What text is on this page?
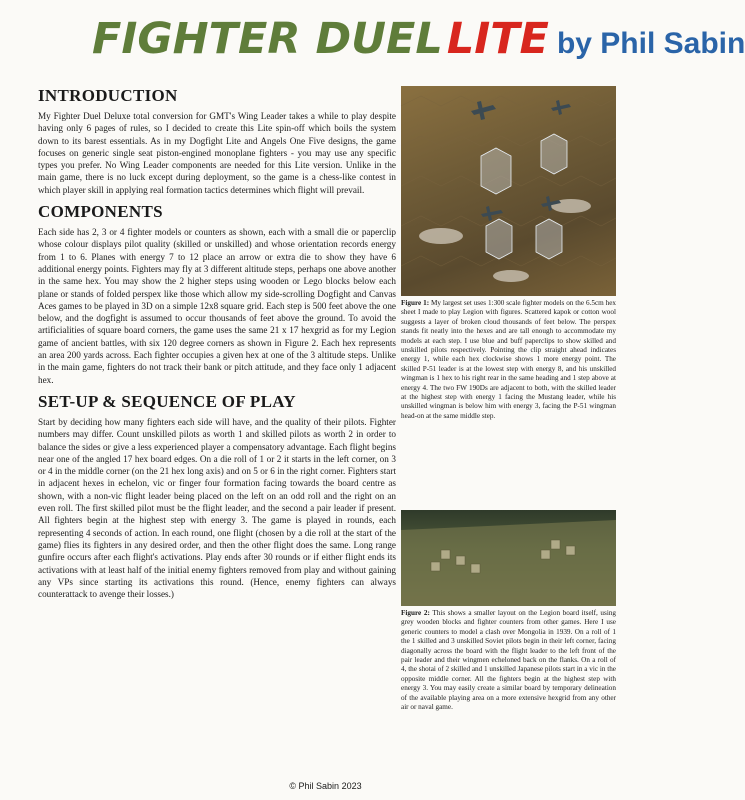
FIGHTER DUEL LITE by Phil Sabin
INTRODUCTION

My Fighter Duel Deluxe total conversion for GMT's Wing Leader takes a while to play despite having only 6 pages of rules, so I decided to create this Lite spin-off which boils the system down to its barest essentials. As in my Dogfight Lite and Angels One Five designs, the game focuses on generic single seat piston-engined monoplane fighters - you may use any specific types you prefer. No Wing Leader components are needed for this Lite version. Unlike in the main game, there is no luck except during deployment, so the game is a chess-like contest in which player skill in applying real formation tactics determines which flight will prevail.

COMPONENTS

Each side has 2, 3 or 4 fighter models or counters as shown, each with a small die or paperclip whose colour displays pilot quality (skilled or unskilled) and whose orientation records energy from 1 to 6. Planes with energy 7 to 12 place an arrow or extra die to show they have 6 additional energy points. Fighters may fly at 3 different altitude steps, perhaps one above another in the same hex. You may show the 2 higher steps using wooden or Lego blocks below each plane or stands of folded perspex like those which allow my side-scrolling Dogfight and Canvas Aces games to be played in 3D on a simple 12x8 square grid. Each step is 500 feet above the one below, and the dogfight is assumed to occur thousands of feet above the ground. To avoid the artificialities of square board corners, the game uses the same 21 x 17 hexgrid as for my Legion game of ancient battles, with six 120 degree corners as shown in Figure 2. Each hex represents an area 200 yards across. Each fighter occupies a given hex at one of the 3 altitude steps. Unlike in the main game, fighters do not track their bank or pitch attitude, and they face only 1 adjacent hex.

SET-UP & SEQUENCE OF PLAY

Start by deciding how many fighters each side will have, and the quality of their pilots. Fighter numbers may differ. Count unskilled pilots as worth 1 and skilled pilots as worth 2 in order to balance the sides or give a less experienced player a compensatory advantage. Each flight begins near one of the angled 17 hex board edges. On a die roll of 1 or 2 it starts in the left corner, on 3 or 4 in the middle corner (on the 21 hex long axis) and on 5 or 6 in the right corner. Fighters start in adjacent hexes in echelon, vic or finger four formation facing towards the board centre as shown, with a non-vic flight leader being placed on the left on an odd roll and the right on an even roll. The first skilled pilot must be the flight leader, and the second a pair leader if present. All fighters begin at the highest step with energy 3. The game is played in rounds, each representing 4 seconds of action. In each round, one flight (chosen by a die roll at the start of the game) flies its fighters in any desired order, and then the other flight does the same. Long range gunfire occurs after each flight's activations. Play ends after 30 rounds or if either flight ends its activations with at least half of the initial enemy fighters removed from play and without gaining any VPs since starting its activations this round. (Hence, enemy fighters can always counterattack to avenge their losses.)

Figure 1: My largest set uses 1:300 scale fighter models on the 6.5cm hex sheet I made to play Legion with figures. Scattered kapok or cotton wool suggests a layer of broken cloud thousands of feet below. The perspex stands fit neatly into the hexes and are tall enough to accommodate my models at each step. I use blue and buff paperclips to show skilled and unskilled pilots respectively. Pointing the clip straight ahead indicates energy 1, while each hex clockwise shows 1 more energy point. The skilled P-51 leader is at the lowest step with energy 8, and his unskilled wingman is 1 hex to his right rear in the same heading and 1 step above at energy 4. The two FW 190Ds are adjacent to both, with the skilled leader at the highest step with energy 1 facing the Mustang leader, while his unskilled wingman is below him with energy 3, facing the P-51 wingman head-on at the same middle step.
Figure 2: This shows a smaller layout on the Legion board itself, using grey wooden blocks and fighter counters from other games. Here I use generic counters to model a clash over Mongolia in 1939. On a roll of 1 the 1 skilled and 3 unskilled Soviet pilots begin in their left corner, facing diagonally across the board with the flight leader to the left front of the pair leader and their wingmen echeloned back on the flanks. On a roll of 4, the shotai of 2 skilled and 1 unskilled Japanese pilots start in a vic in the opposite middle corner. All the fighters begin at the highest step with energy 3. You may easily create a similar board by temporary delineation of the available playing area on a more extensive hexgrid from any other air or naval game.
© Phil Sabin 2023
